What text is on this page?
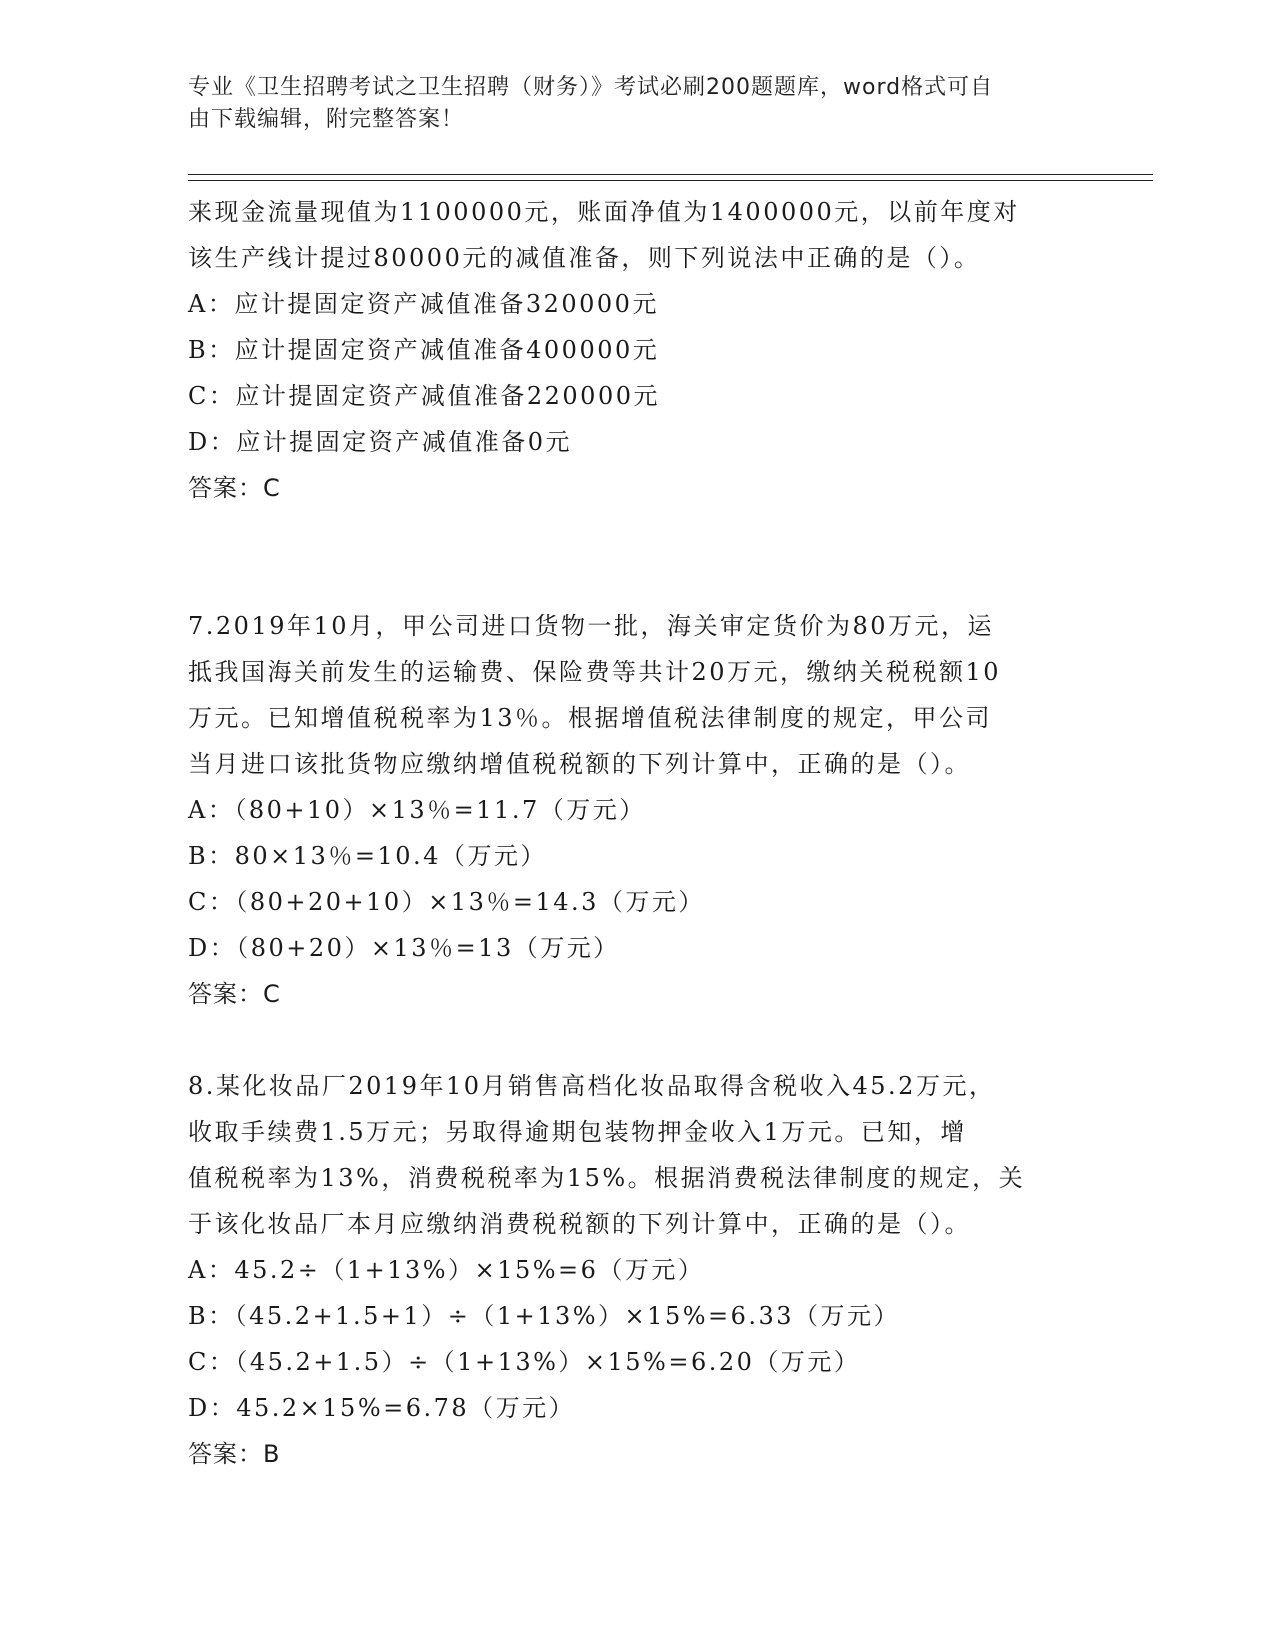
专业《卫生招聘考试之卫生招聘（财务）》考试必刷200题题库，word格式可自
由下载编辑，附完整答案！
来现金流量现值为1100000元，账面净值为1400000元，以前年度对
该生产线计提过80000元的减值准备，则下列说法中正确的是（）。
A：应计提固定资产减值准备320000元
B：应计提固定资产减值准备400000元
C：应计提固定资产减值准备220000元
D：应计提固定资产减值准备0元
答案：C
7.2019年10月，甲公司进口货物一批，海关审定货价为80万元，运
抵我国海关前发生的运输费、保险费等共计20万元，缴纳关税税额10
万元。已知增值税税率为13％。根据增值税法律制度的规定，甲公司
当月进口该批货物应缴纳增值税税额的下列计算中，正确的是（）。
A：（80+10）×13％=11.7（万元）
B：80×13％=10.4（万元）
C：（80+20+10）×13％=14.3（万元）
D：（80+20）×13％=13（万元）
答案：C
8.某化妆品厂2019年10月销售高档化妆品取得含税收入45.2万元，
收取手续费1.5万元；另取得逾期包装物押金收入1万元。已知，增
值税税率为13%，消费税税率为15%。根据消费税法律制度的规定，关
于该化妆品厂本月应缴纳消费税税额的下列计算中，正确的是（）。
A：45.2÷（1+13%）×15%=6（万元）
B：（45.2+1.5+1）÷（1+13%）×15%=6.33（万元）
C：（45.2+1.5）÷（1+13%）×15%=6.20（万元）
D：45.2×15%=6.78（万元）
答案：B
